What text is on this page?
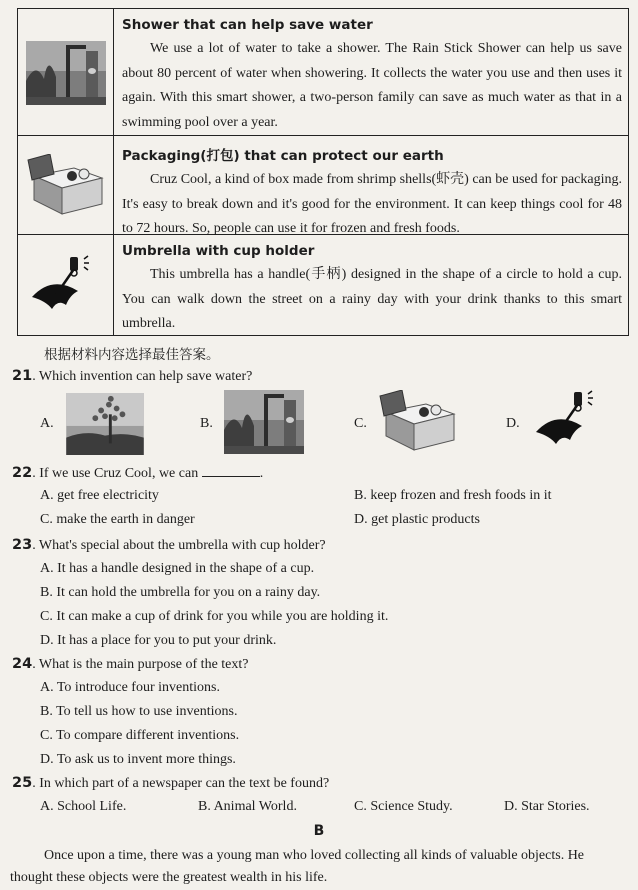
Shower that can help save water
We use a lot of water to take a shower. The Rain Stick Shower can help us save about 80 percent of water when showering. It collects the water you use and then uses it again. With this smart shower, a two-person family can save as much water as that in a swimming pool over a year.
Packaging(打包) that can protect our earth
Cruz Cool, a kind of box made from shrimp shells(虾壳) can be used for packaging. It's easy to break down and it's good for the environment. It can keep things cool for 48 to 72 hours. So, people can use it for frozen and fresh foods.
Umbrella with cup holder
This umbrella has a handle(手柄) designed in the shape of a circle to hold a cup. You can walk down the street on a rainy day with your drink thanks to this smart umbrella.
根据材料内容选择最佳答案。
21. Which invention can help save water?
A.	B.	C.	D.
22. If we use Cruz Cool, we can	.
A. get free electricity	B. keep frozen and fresh foods in it
C. make the earth in danger	D. get plastic products
23. What's special about the umbrella with cup holder?
A. It has a handle designed in the shape of a cup.
B. It can hold the umbrella for you on a rainy day.
C. It can make a cup of drink for you while you are holding it.
D. It has a place for you to put your drink.
24. What is the main purpose of the text?
A. To introduce four inventions.
B. To tell us how to use inventions.
C. To compare different inventions.
D. To ask us to invent more things.
25. In which part of a newspaper can the text be found?
A. School Life.	B. Animal World.	C. Science Study.	D. Star Stories.
B
Once upon a time, there was a young man who loved collecting all kinds of valuable objects. He thought these objects were the greatest wealth in his life.
